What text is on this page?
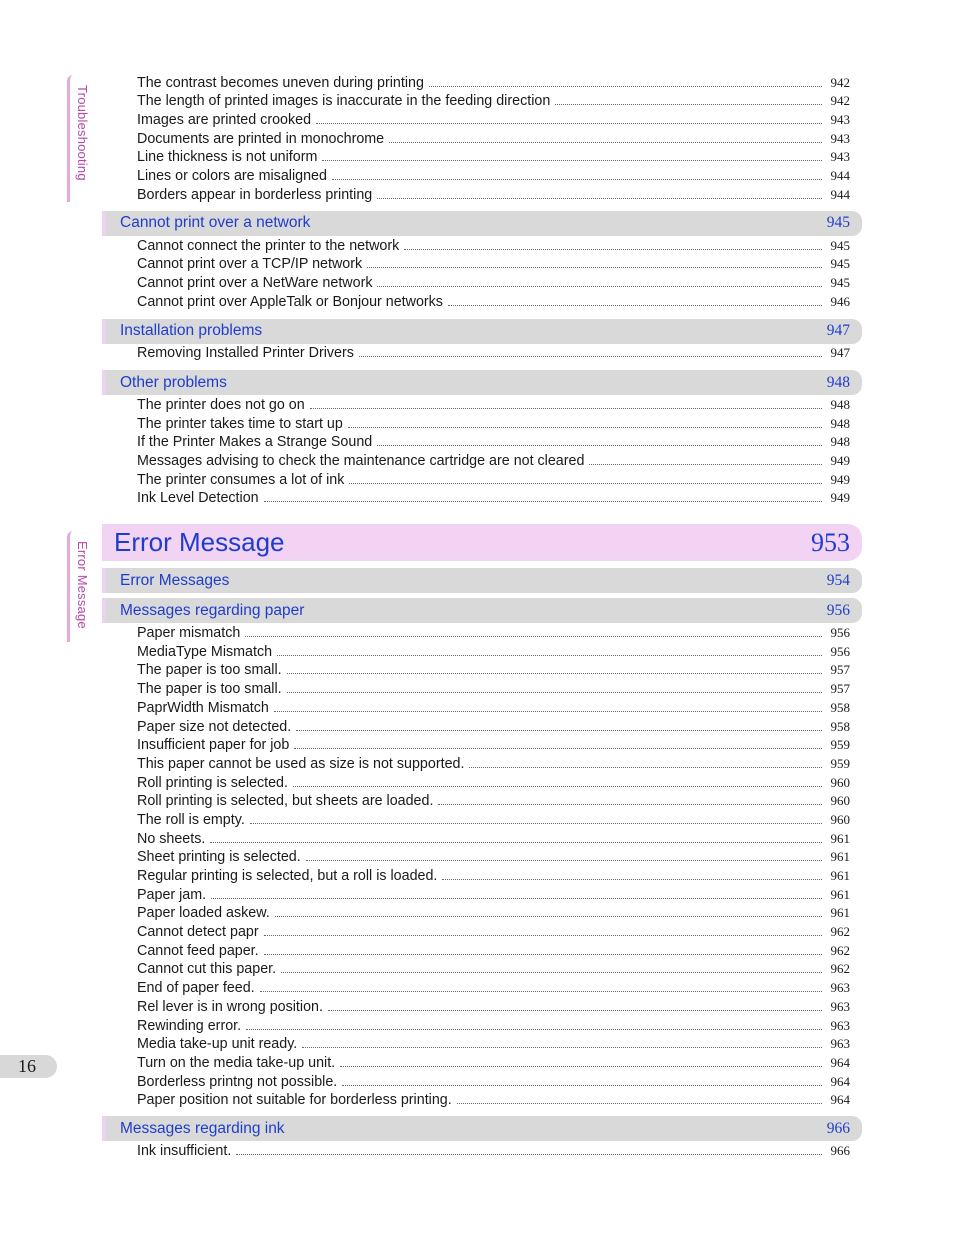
Troubleshooting
Error Message
16
The contrast becomes uneven during printing	942
The length of printed images is inaccurate in the feeding direction	942
Images are printed crooked	943
Documents are printed in monochrome	943
Line thickness is not uniform	943
Lines or colors are misaligned	944
Borders appear in borderless printing	944
Cannot print over a network	945
Cannot connect the printer to the network	945
Cannot print over a TCP/IP network	945
Cannot print over a NetWare network	945
Cannot print over AppleTalk or Bonjour networks	946
Installation problems	947
Removing Installed Printer Drivers	947
Other problems	948
The printer does not go on	948
The printer takes time to start up	948
If the Printer Makes a Strange Sound	948
Messages advising to check the maintenance cartridge are not cleared	949
The printer consumes a lot of ink	949
Ink Level Detection	949
Error Message	953
Error Messages	954
Messages regarding paper	956
Paper mismatch	956
MediaType Mismatch	956
The paper is too small.	957
The paper is too small.	957
PaprWidth Mismatch	958
Paper size not detected.	958
Insufficient paper for job	959
This paper cannot be used as size is not supported.	959
Roll printing is selected.	960
Roll printing is selected, but sheets are loaded.	960
The roll is empty.	960
No sheets.	961
Sheet printing is selected.	961
Regular printing is selected, but a roll is loaded.	961
Paper jam.	961
Paper loaded askew.	961
Cannot detect papr	962
Cannot feed paper.	962
Cannot cut this paper.	962
End of paper feed.	963
Rel lever is in wrong position.	963
Rewinding error.	963
Media take-up unit ready.	963
Turn on the media take-up unit.	964
Borderless printng not possible.	964
Paper position not suitable for borderless printing.	964
Messages regarding ink	966
Ink insufficient.	966
